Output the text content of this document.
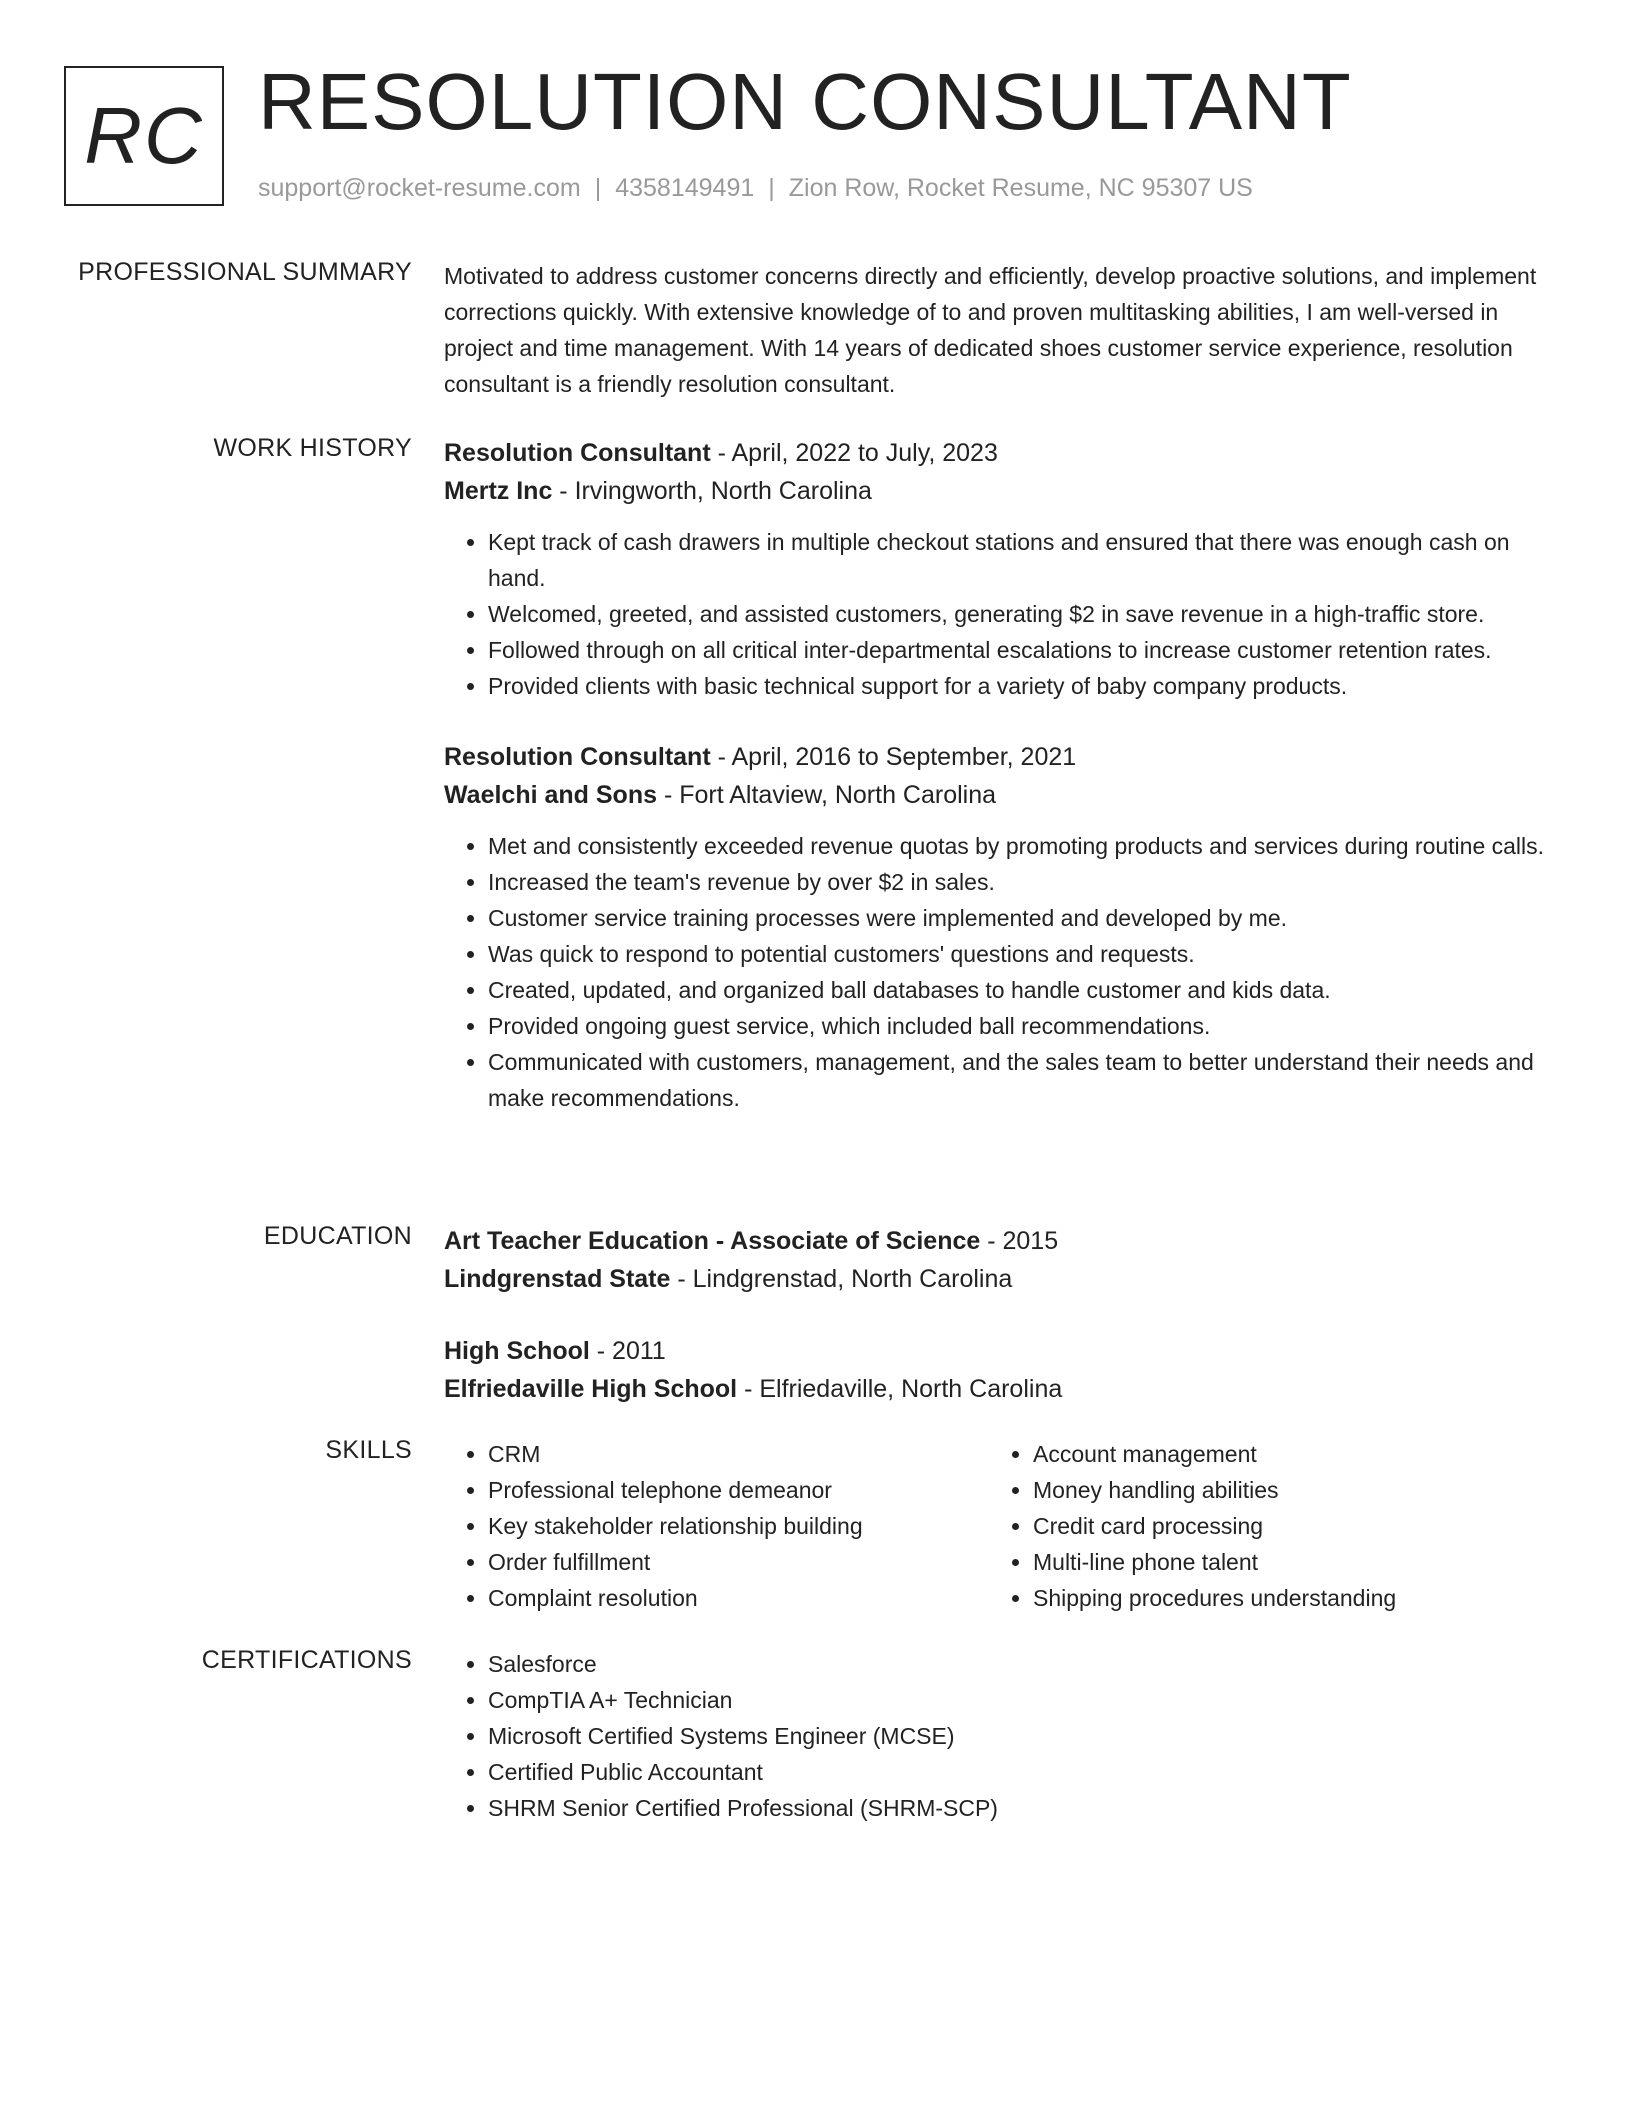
RC RESOLUTION CONSULTANT
support@rocket-resume.com | 4358149491 | Zion Row, Rocket Resume, NC 95307 US
PROFESSIONAL SUMMARY Motivated to address customer concerns directly and efficiently, develop proactive solutions, and implement corrections quickly. With extensive knowledge of to and proven multitasking abilities, I am well-versed in project and time management. With 14 years of dedicated shoes customer service experience, resolution consultant is a friendly resolution consultant.

WORK HISTORY Resolution Consultant - April, 2022 to July, 2023

Mertz Inc - Irvingworth, North Carolina

• Kept track of cash drawers in multiple checkout stations and ensured that there was enough cash on hand.
• Welcomed, greeted, and assisted customers, generating $2 in save revenue in a high-traffic store.
• Followed through on all critical inter-departmental escalations to increase customer retention rates.
• Provided clients with basic technical support for a variety of baby company products.

Resolution Consultant - April, 2016 to September, 2021

Waelchi and Sons - Fort Altaview, North Carolina

• Met and consistently exceeded revenue quotas by promoting products and services during routine calls.
• Increased the team's revenue by over $2 in sales.
• Customer service training processes were implemented and developed by me.
• Was quick to respond to potential customers' questions and requests.
• Created, updated, and organized ball databases to handle customer and kids data.
• Provided ongoing guest service, which included ball recommendations.
• Communicated with customers, management, and the sales team to better understand their needs and make recommendations.
EDUCATION Art Teacher Education - Associate of Science - 2015

Lindgrenstad State - Lindgrenstad, North Carolina

High School - 2011

Elfriedaville High School - Elfriedaville, North Carolina

SKILLS	• CRM
• Professional telephone demeanor
• Key stakeholder relationship building
• Order fulfillment
• Complaint resolution
• Account management
• Money handling abilities
• Credit card processing
• Multi-line phone talent
• Shipping procedures understanding
CERTIFICATIONS	• Salesforce
• CompTIA A+ Technician
• Microsoft Certified Systems Engineer (MCSE)
• Certified Public Accountant
• SHRM Senior Certified Professional (SHRM-SCP)
